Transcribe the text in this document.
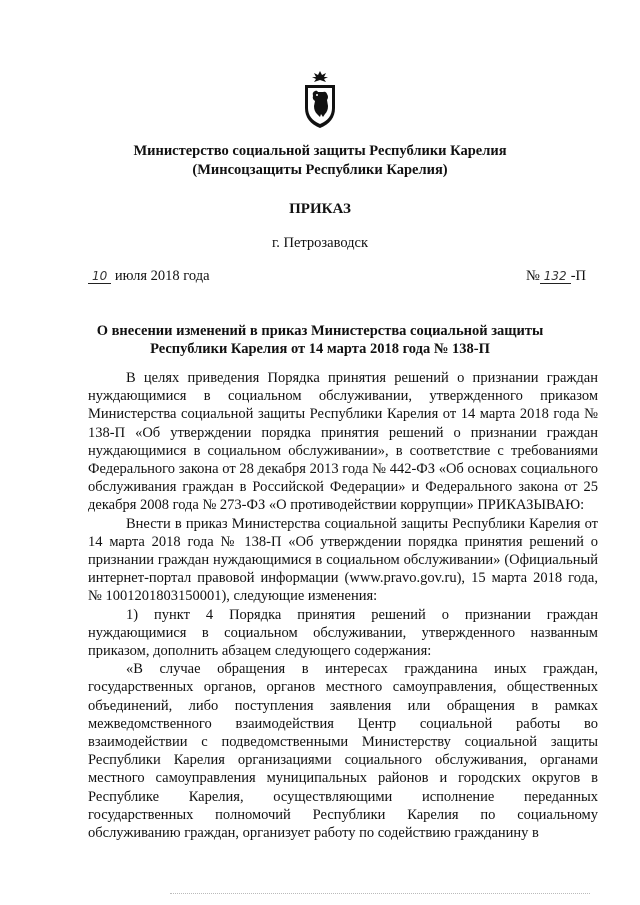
Министерство социальной защиты Республики Карелия
(Минсоцзащиты Республики Карелия)
ПРИКАЗ
г. Петрозаводск
10 июля 2018 года	№ 132 -П
О внесении изменений в приказ Министерства социальной защиты
Республики Карелия от 14 марта 2018 года № 138-П

В целях приведения Порядка принятия решений о признании граждан нуждающимися в социальном обслуживании, утвержденного приказом Министерства социальной защиты Республики Карелия от 14 марта 2018 года № 138-П «Об утверждении порядка принятия решений о признании граждан нуждающимися в социальном обслуживании», в соответствие с требованиями Федерального закона от 28 декабря 2013 года № 442-ФЗ «Об основах социального обслуживания граждан в Российской Федерации» и Федерального закона от 25 декабря 2008 года № 273-ФЗ «О противодействии коррупции» ПРИКАЗЫВАЮ:

Внести в приказ Министерства социальной защиты Республики Карелия от 14 марта 2018 года № 138-П «Об утверждении порядка принятия решений о признании граждан нуждающимися в социальном обслуживании» (Официальный интернет-портал правовой информации (www.pravo.gov.ru), 15 марта 2018 года, № 1001201803150001), следующие изменения:

1) пункт 4 Порядка принятия решений о признании граждан нуждающимися в социальном обслуживании, утвержденного названным приказом, дополнить абзацем следующего содержания:

«В случае обращения в интересах гражданина иных граждан, государственных органов, органов местного самоуправления, общественных объединений, либо поступления заявления или обращения в рамках межведомственного взаимодействия Центр социальной работы во взаимодействии с подведомственными Министерству социальной защиты Республики Карелия организациями социального обслуживания, органами местного самоуправления муниципальных районов и городских округов в Республике Карелия, осуществляющими исполнение переданных государственных полномочий Республики Карелия по социальному обслуживанию граждан, организует работу по содействию гражданину в
